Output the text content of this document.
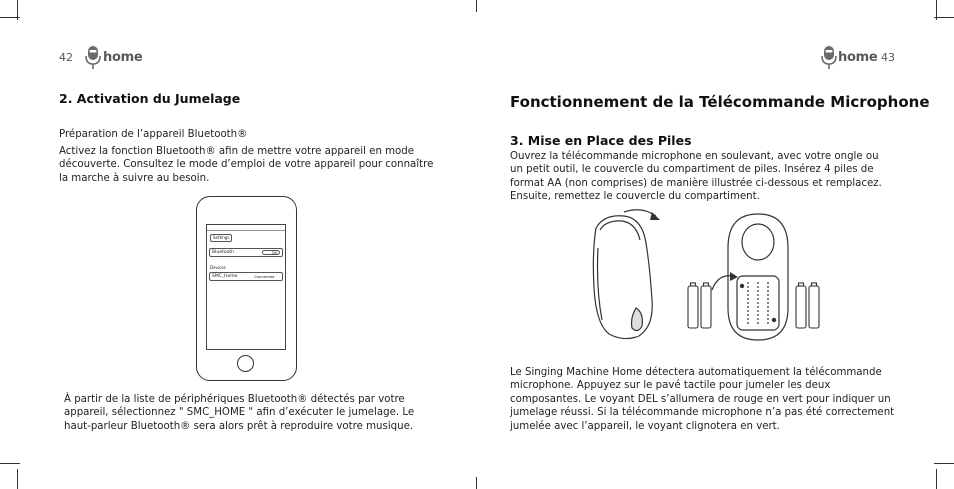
42 home
2. Activation du Jumelage
Préparation de l’appareil Bluetooth®
Activez la fonction Bluetooth® afin de mettre votre appareil en mode découverte. Consultez le mode d’emploi de votre appareil pour connaître la marche à suivre au besoin.
Settings
Bluetooth	ON
Devices
SMC_Home	Connected
À partir de la liste de périphériques Bluetooth® détectés par votre appareil, sélectionnez " SMC_HOME " afin d’exécuter le jumelage. Le haut-parleur Bluetooth® sera alors prêt à reproduire votre musique.
home 43
Fonctionnement de la Télécommande Microphone
3. Mise en Place des Piles
Ouvrez la télécommande microphone en soulevant, avec votre ongle ou un petit outil, le couvercle du compartiment de piles. Insérez 4 piles de format AA (non comprises) de manière illustrée ci-dessous et remplacez. Ensuite, remettez le couvercle du compartiment.
Le Singing Machine Home détectera automatiquement la télécommande microphone. Appuyez sur le pavé tactile pour jumeler les deux composantes. Le voyant DEL s’allumera de rouge en vert pour indiquer un jumelage réussi. Si la télécommande microphone n’a pas été correctement jumelée avec l’appareil, le voyant clignotera en vert.
